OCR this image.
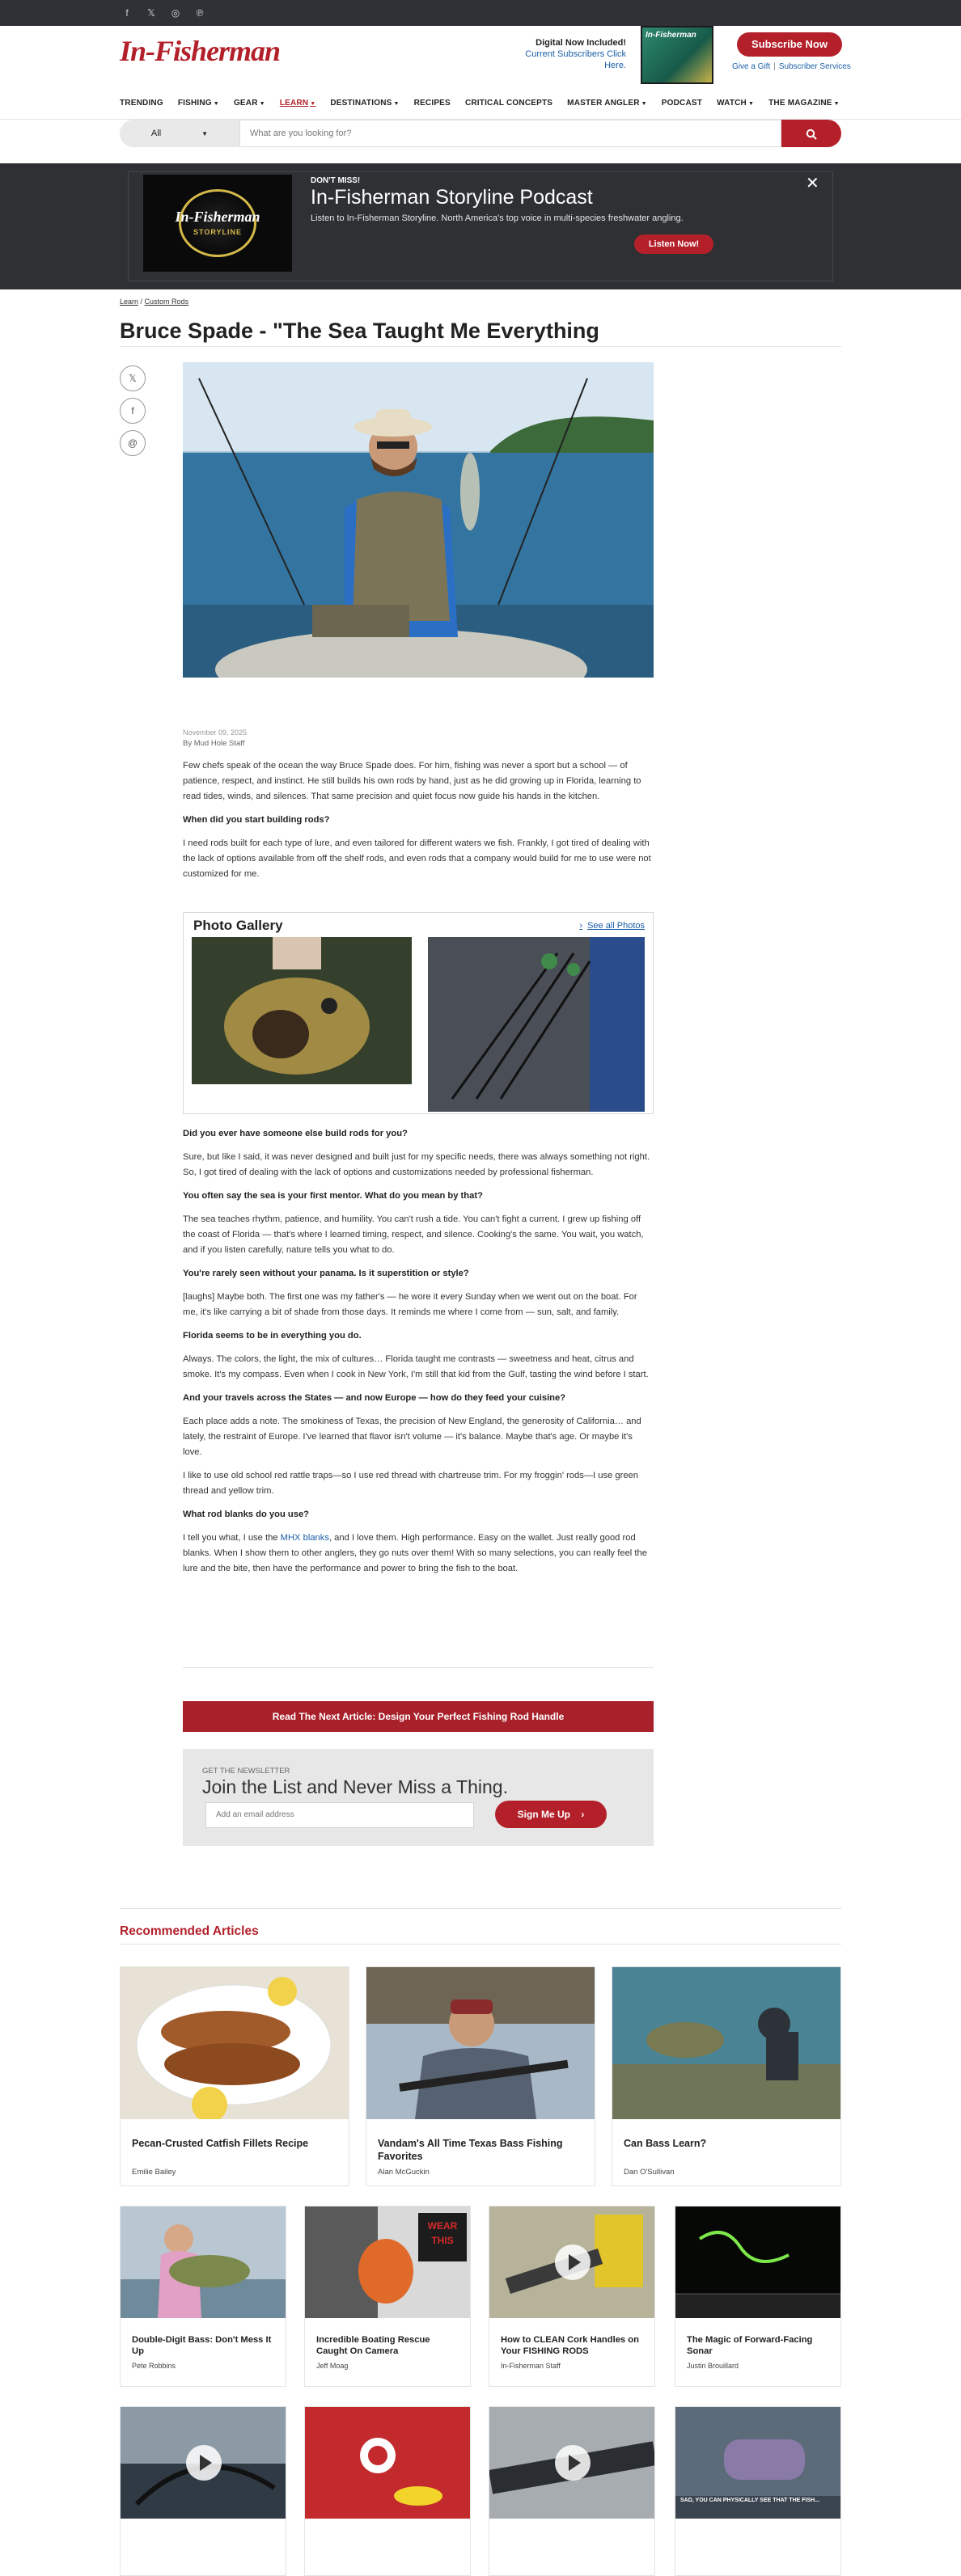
f	𝕏 ◎ ℗
In-Fisherman	Digital Now Included!
Current Subscribers Click Here.
In-Fisherman
Subscribe Now
Give a Gift | Subscriber Services
TRENDING FISHING ▼ GEAR ▼ LEARN ▼ DESTINATIONS ▼ RECIPES CRITICAL CONCEPTS MASTER ANGLER ▼ PODCAST WATCH ▼ THE MAGAZINE ▼
All	▼	What are you looking for?
In-Fisherman
STORYLINE
DON'T MISS!
In-Fisherman Storyline Podcast
Listen to In-Fisherman Storyline. North America's top voice in multi-species freshwater angling.
Listen Now!
✕
Learn / Custom Rods
Bruce Spade - "The Sea Taught Me Everything
𝕏
f
@
November 09, 2025
By Mud Hole Staff

Few chefs speak of the ocean the way Bruce Spade does. For him, fishing was never a sport but a school — of patience, respect, and instinct. He still builds his own rods by hand, just as he did growing up in Florida, learning to read tides, winds, and silences. That same precision and quiet focus now guide his hands in the kitchen.

When did you start building rods?

I need rods built for each type of lure, and even tailored for different waters we fish. Frankly, I got tired of dealing with the lack of options available from off the shelf rods, and even rods that a company would build for me to use were not customized for me.

Did you ever have someone else build rods for you?

Sure, but like I said, it was never designed and built just for my specific needs, there was always something not right. So, I got tired of dealing with the lack of options and customizations needed by professional fisherman.

You often say the sea is your first mentor. What do you mean by that?

The sea teaches rhythm, patience, and humility. You can't rush a tide. You can't fight a current. I grew up fishing off the coast of Florida — that's where I learned timing, respect, and silence. Cooking's the same. You wait, you watch, and if you listen carefully, nature tells you what to do.

You're rarely seen without your panama. Is it superstition or style?

[laughs] Maybe both. The first one was my father's — he wore it every Sunday when we went out on the boat. For me, it's like carrying a bit of shade from those days. It reminds me where I come from — sun, salt, and family.

Florida seems to be in everything you do.

Always. The colors, the light, the mix of cultures… Florida taught me contrasts — sweetness and heat, citrus and smoke. It's my compass. Even when I cook in New York, I'm still that kid from the Gulf, tasting the wind before I start.

And your travels across the States — and now Europe — how do they feed your cuisine?

Each place adds a note. The smokiness of Texas, the precision of New England, the generosity of California… and lately, the restraint of Europe. I've learned that flavor isn't volume — it's balance. Maybe that's age. Or maybe it's love.

I like to use old school red rattle traps—so I use red thread with chartreuse trim. For my froggin' rods—I use green thread and yellow trim.

What rod blanks do you use?

I tell you what, I use the MHX blanks, and I love them. High performance. Easy on the wallet. Just really good rod blanks. When I show them to other anglers, they go nuts over them! With so many selections, you can really feel the lure and the bite, then have the performance and power to bring the fish to the boat.

Photo Gallery	› See all Photos
Read The Next Article: Design Your Perfect Fishing Rod Handle
GET THE NEWSLETTER
Join the List and Never Miss a Thing.
Add an email address	Sign Me Up ›
Recommended Articles
Pecan-Crusted Catfish Fillets Recipe
Emilie Bailey
Vandam's All Time Texas Bass Fishing Favorites
Alan McGuckin
Can Bass Learn?
Dan O'Sullivan
Double-Digit Bass: Don't Mess It Up
Pete Robbins
WEAR
THIS
Incredible Boating Rescue Caught On Camera
Jeff Moag
How to CLEAN Cork Handles on Your FISHING RODS
In-Fisherman Staff
The Magic of Forward-Facing Sonar
Justin Brouillard
SAD, YOU CAN PHYSICALLY SEE THAT THE FISH...
